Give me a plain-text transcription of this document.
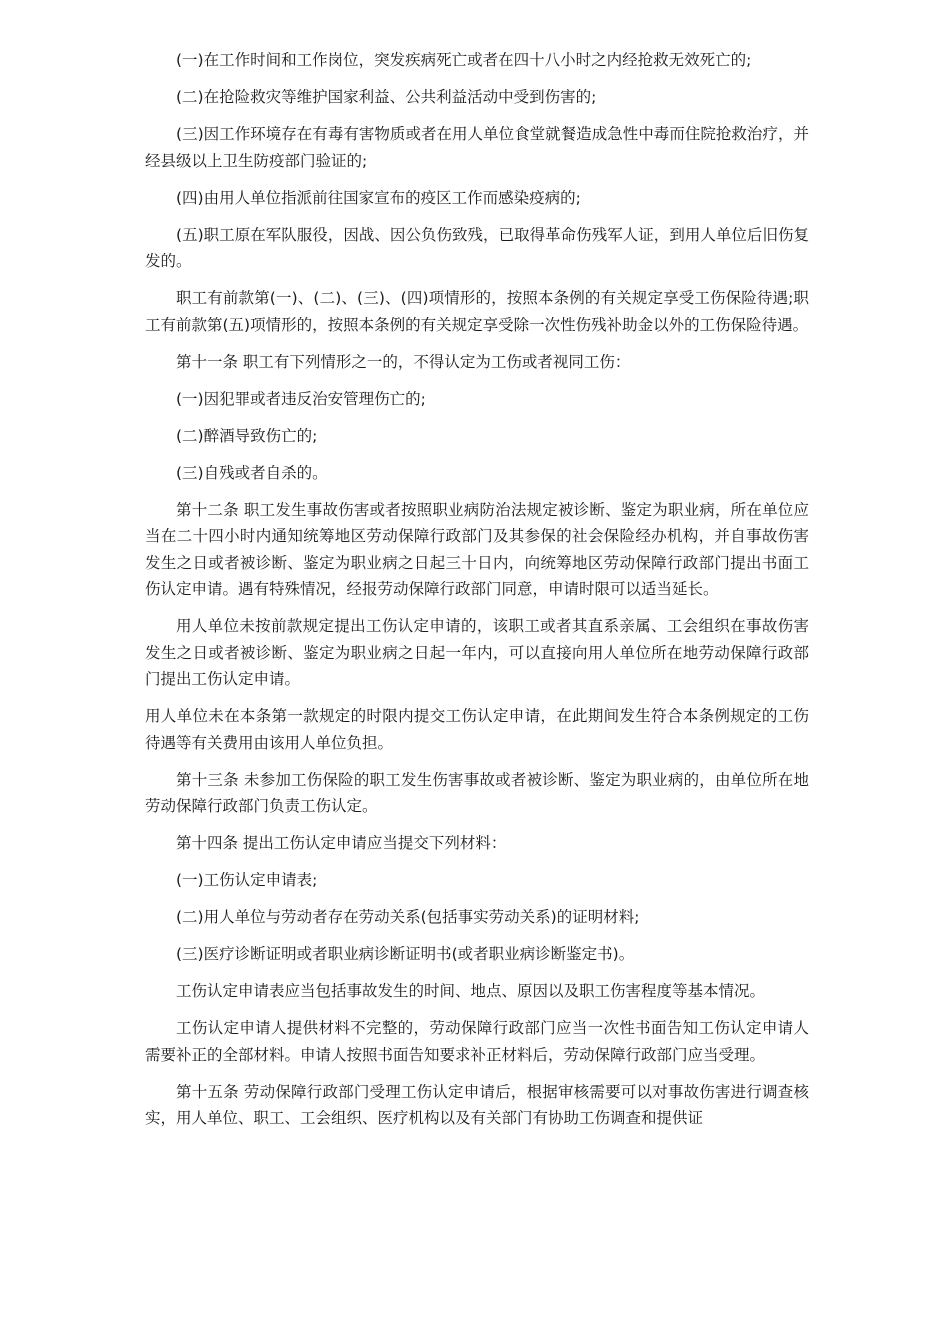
(一)在工作时间和工作岗位，突发疾病死亡或者在四十八小时之内经抢救无效死亡的;

(二)在抢险救灾等维护国家利益、公共利益活动中受到伤害的;

(三)因工作环境存在有毒有害物质或者在用人单位食堂就餐造成急性中毒而住院抢救治疗，并经县级以上卫生防疫部门验证的;

(四)由用人单位指派前往国家宣布的疫区工作而感染疫病的;

(五)职工原在军队服役，因战、因公负伤致残，已取得革命伤残军人证，到用人单位后旧伤复发的。

职工有前款第(一)、(二)、(三)、(四)项情形的，按照本条例的有关规定享受工伤保险待遇;职工有前款第(五)项情形的，按照本条例的有关规定享受除一次性伤残补助金以外的工伤保险待遇。

第十一条 职工有下列情形之一的，不得认定为工伤或者视同工伤：

(一)因犯罪或者违反治安管理伤亡的;

(二)醉酒导致伤亡的;

(三)自残或者自杀的。

第十二条 职工发生事故伤害或者按照职业病防治法规定被诊断、鉴定为职业病，所在单位应当在二十四小时内通知统筹地区劳动保障行政部门及其参保的社会保险经办机构，并自事故伤害发生之日或者被诊断、鉴定为职业病之日起三十日内，向统筹地区劳动保障行政部门提出书面工伤认定申请。遇有特殊情况，经报劳动保障行政部门同意，申请时限可以适当延长。

用人单位未按前款规定提出工伤认定申请的，该职工或者其直系亲属、工会组织在事故伤害发生之日或者被诊断、鉴定为职业病之日起一年内，可以直接向用人单位所在地劳动保障行政部门提出工伤认定申请。

用人单位未在本条第一款规定的时限内提交工伤认定申请，在此期间发生符合本条例规定的工伤待遇等有关费用由该用人单位负担。

第十三条 未参加工伤保险的职工发生伤害事故或者被诊断、鉴定为职业病的，由单位所在地劳动保障行政部门负责工伤认定。

第十四条 提出工伤认定申请应当提交下列材料：

(一)工伤认定申请表;

(二)用人单位与劳动者存在劳动关系(包括事实劳动关系)的证明材料;

(三)医疗诊断证明或者职业病诊断证明书(或者职业病诊断鉴定书)。

工伤认定申请表应当包括事故发生的时间、地点、原因以及职工伤害程度等基本情况。

工伤认定申请人提供材料不完整的，劳动保障行政部门应当一次性书面告知工伤认定申请人需要补正的全部材料。申请人按照书面告知要求补正材料后，劳动保障行政部门应当受理。

第十五条 劳动保障行政部门受理工伤认定申请后，根据审核需要可以对事故伤害进行调查核实，用人单位、职工、工会组织、医疗机构以及有关部门有协助工伤调查和提供证
